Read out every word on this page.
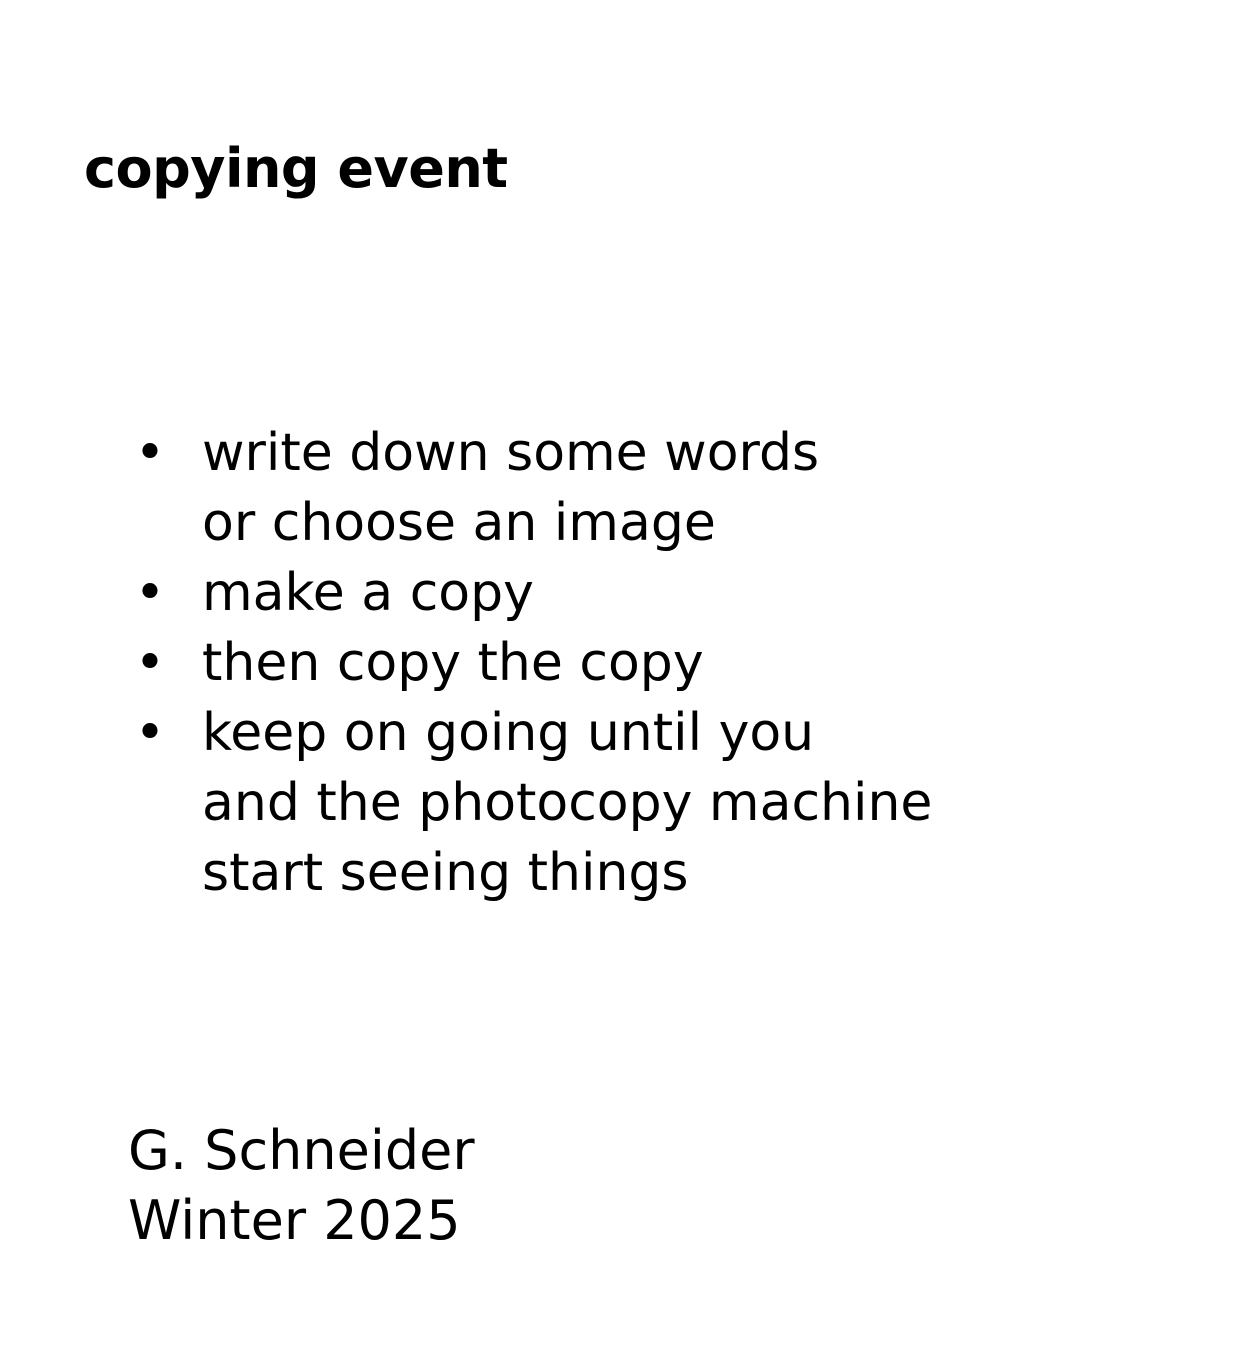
copying event
• write down some words
or choose an image
• make a copy
• then copy the copy
• keep on going until you
and the photocopy machine
start seeing things
G. Schneider
Winter 2025
